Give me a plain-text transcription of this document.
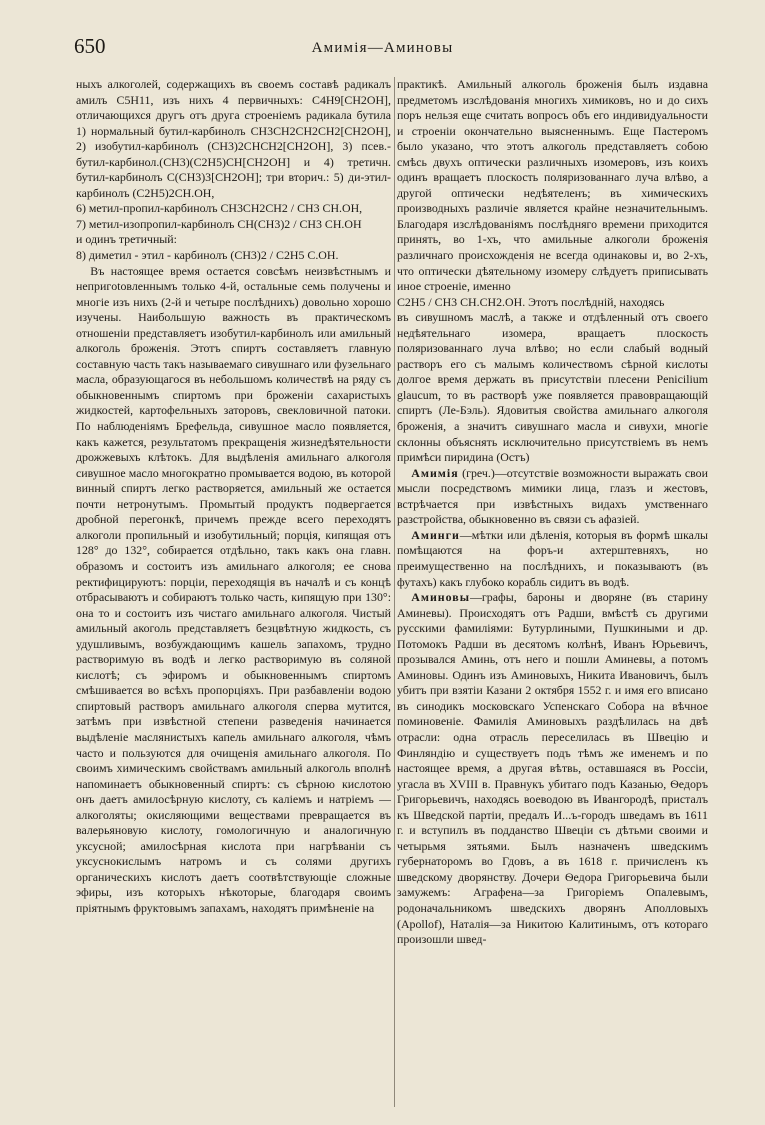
650	Амимія—Аминовы

ныхъ алкоголей, содержащихъ въ своемъ составѣ радикалъ амилъ C5H11, изъ нихъ 4 первичныхъ: C4H9[CH2OH], отличающихся другъ отъ друга строеніемъ радикала бутила 1) нормальный бутил-карбинолъ CH3CH2CH2CH2[CH2OH], 2) изобутил-карбинолъ (CH3)2CHCH2[CH2OH], 3) псев.-бутил-карбинол.(CH3)(C2H5)CH[CH2OH] и 4) третичн. бутил-карбинолъ C(CH3)3[CH2OH]; три вторич.: 5) ди-этил-карбинолъ (C2H5)2CH.OH,

6) метил-пропил-карбинолъ CH3CH2CH2 / CH3 CH.OH,

7) метил-изопропил-карбинолъ CH(CH3)2 / CH3 CH.OH

и одинъ третичный:

8) диметил - этил - карбинолъ (CH3)2 / C2H5 C.OH.

Въ настоящее время остается совсѣмъ неизвѣстнымъ и непригotовленнымъ только 4-й, остальные семь получены и многіе изъ нихъ (2-й и четыре послѣднихъ) довольно хорошо изучены. Наибольшую важность въ практическомъ отношеніи представляетъ изобутил-карбинолъ или амильный алкоголь броженія. Этотъ спиртъ составляетъ главную составную часть такъ называемаго сивушнаго или фузельнаго масла, образующагося въ небольшомъ количествѣ на ряду съ обыкновеннымъ спиртомъ при броженіи сахаристыхъ жидкостей, картофельныхъ заторовъ, свекловичной патоки. По наблюденіямъ Брефельда, сивушное масло появляется, какъ кажется, результатомъ прекращенія жизнедѣятельности дрожжевыхъ клѣтокъ. Для выдѣленія амильнаго алкоголя сивушное масло многократно промывается водою, въ которой винный спиртъ легко растворяется, амильный же остается почти нетронутымъ. Промытый продуктъ подвергается дробной перегонкѣ, причемъ прежде всего переходятъ алкоголи пропильный и изобутильный; порція, кипящая отъ 128° до 132°, собирается отдѣльно, такъ какъ она главн. образомъ и состоитъ изъ амильнаго алкоголя; ее снова ректифицируютъ: порціи, переходящія въ началѣ и съ концѣ отбрасываютъ и собираютъ только часть, кипящую при 130°: она то и состоитъ изъ чистаго амильнаго алкоголя. Чистый амильный акоголь представляетъ безцвѣтную жидкость, съ удушливымъ, возбуждающимъ кашель запахомъ, трудно растворимую въ водѣ и легко растворимую въ соляной кислотѣ; съ эфиромъ и обыкновеннымъ спиртомъ смѣшивается во всѣхъ пропорціяхъ. При разбавленіи водою спиртовый растворъ амильнаго алкоголя сперва мутится, затѣмъ при извѣстной степени разведенія начинается выдѣленіе маслянистыхъ капель амильнаго алкоголя, чѣмъ часто и пользуются для очищенія амильнаго алкоголя. По своимъ химическимъ свойствамъ амильный алкоголь вполнѣ напоминаетъ обыкновенный спиртъ: съ сѣрною кислотою онъ даетъ амилосѣрную кислоту, съ каліемъ и натріемъ — алкоголяты; окисляющими веществами превращается въ валерьяновую кислоту, гомологичную и аналогичную уксусной; амилосѣрная кислота при нагрѣваніи съ уксуснокислымъ натромъ и съ солями другихъ органическихъ кислотъ даетъ соотвѣтствующіе сложные эфиры, изъ которыхъ нѣкоторые, благодаря своимъ пріятнымъ фруктовымъ запахамъ, находятъ примѣненіе на

практикѣ. Амильный алкоголь броженія былъ издавна предметомъ изслѣдованія многихъ химиковъ, но и до сихъ поръ нельзя еще считать вопросъ объ его индивидуальности и строеніи окончательно выясненнымъ. Еще Пастеромъ было указано, что этотъ алкоголь представляетъ собою смѣсь двухъ оптически различныхъ изомеровъ, изъ коихъ одинъ вращаетъ плоскость поляризованнаго луча влѣво, а другой оптически недѣятеленъ; въ химическихъ производныхъ различіе является крайне незначительнымъ. Благодаря изслѣдованіямъ послѣдняго времени приходится принять, во 1-хъ, что амильные алкоголи броженія различнаго происхожденія не всегда одинаковы и, во 2-хъ, что оптически дѣятельному изомеру слѣдуетъ приписывать иное строеніе, именно

C2H5 / CH3 CH.CH2.OH. Этотъ послѣдній, находясь

въ сивушномъ маслѣ, а также и отдѣленный отъ своего недѣятельнаго изомера, вращаетъ плоскость поляризованнаго луча влѣво; но если слабый водный растворъ его съ малымъ количествомъ сѣрной кислоты долгое время держать въ присутствіи плесени Penicilium glaucum, то въ растворѣ уже появляется правовращающій спиртъ (Ле-Бэль). Ядовитыя свойства амильнаго алкоголя броженія, а значитъ сивушнаго масла и сивухи, многіе склонны объяснять исключительно присутствіемъ въ немъ примѣси пиридина (Остъ)

Амимія (греч.)—отсутствіе возможности выражать свои мысли посредствомъ мимики лица, глазъ и жестовъ, встрѣчается при извѣстныхъ видахъ умственнаго разстройства, обыкновенно въ связи съ афазіей.

Аминги—мѣтки или дѣленія, которыя въ формѣ шкалы помѣщаются на форъ-и ахтерштевняхъ, но преимущественно на послѣднихъ, и показываютъ (въ футахъ) какъ глубоко корабль сидитъ въ водѣ.

Аминовы—графы, бароны и дворяне (въ старину Аминевы). Происходятъ отъ Радши, вмѣстѣ съ другими русскими фамиліями: Бутурлиными, Пушкиными и др. Потомокъ Радши въ десятомъ колѣнѣ, Иванъ Юрьевичъ, прозывался Аминь, отъ него и пошли Аминевы, а потомъ Аминовы. Одинъ изъ Аминовыхъ, Никита Ивановичъ, былъ убитъ при взятіи Казани 2 октября 1552 г. и имя его вписано въ синодикъ московскаго Успенскаго Собора на вѣчное поминовеніе. Фамилія Аминовыхъ раздѣлилась на двѣ отрасли: одна отрасль переселилась въ Швецію и Финляндію и существуетъ подъ тѣмъ же именемъ и по настоящее время, а другая вѣтвь, оставшаяся въ Россіи, угасла въ XVIII в. Правнукъ убитаго подъ Казанью, Ѳедоръ Григорьевичъ, находясь воеводою въ Ивангородѣ, присталъ къ Шведской партіи, предалъ И...ъ-городъ шведамъ въ 1611 г. и вступилъ въ подданство Швеціи съ дѣтьми своими и четырьмя зятьями. Былъ назначенъ шведскимъ губернаторомъ во Гдовъ, а въ 1618 г. причисленъ къ шведскому дворянству. Дочери Ѳедора Григорьевича были замужемъ: Аграфена—за Григоріемъ Опалевымъ, родоначальникомъ шведскихъ дворянъ Аполловыхъ (Apollof), Наталія—за Никитою Калитинымъ, отъ котораго произошли швед-
